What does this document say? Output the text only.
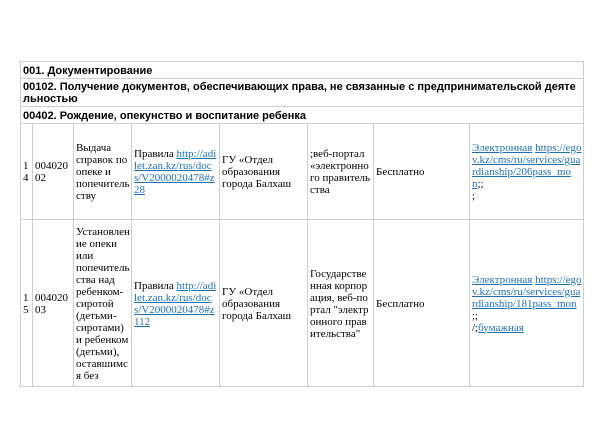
001. Документирование							
00102. Получение документов, обеспечивающих права, не связанные с предпринимательской деятельностью							
00402. Рождение, опекунство и воспитание ребенка							
14	00402002	Выдача справок по опеке и попечительству	Правила http://adilet.zan.kz/rus/docs/V2000020478#z28	ГУ «Отдел образования города Балхаш	;веб-портал «электронного правительства	Бесплатно	Электронная https://egov.kz/cms/ru/services/guardianship/206pass_mon;;
;
15	00402003	Установление опеки или попечительства над ребенком-сиротой (детьми-сиротами) и ребенком (детьми), оставшимся без	Правила http://adilet.zan.kz/rus/docs/V2000020478#z112	ГУ «Отдел образования города Балхаш	Государственная корпорация, веб-портал "электронного правительства"	Бесплатно	Электронная https://egov.kz/cms/ru/services/guardianship/181pass_mon
;;
/;бумажная
